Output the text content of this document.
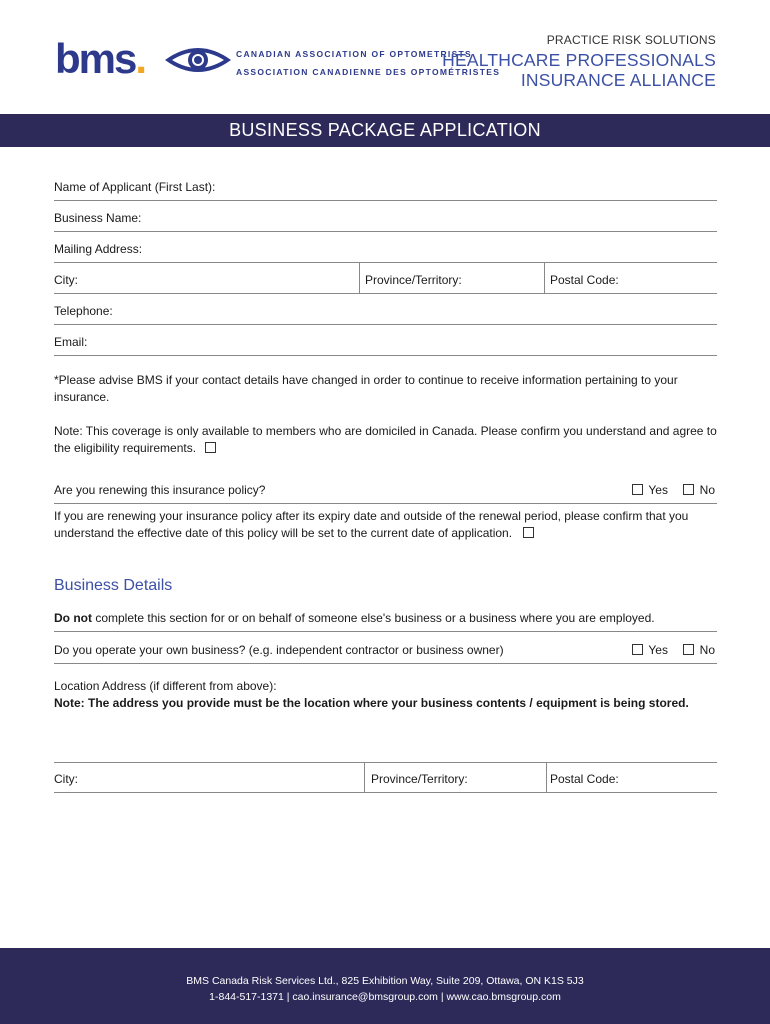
bms.	CANADIAN ASSOCIATION OF OPTOMETRISTS
ASSOCIATION CANADIENNE DES OPTOMÉTRISTES
PRACTICE RISK SOLUTIONS
HEALTHCARE PROFESSIONALS
INSURANCE ALLIANCE
BUSINESS PACKAGE APPLICATION
Name of Applicant (First Last):
Business Name:
Mailing Address:
City:	Province/Territory:	Postal Code:
Telephone:
Email:
*Please advise BMS if your contact details have changed in order to continue to receive information pertaining to your insurance.
Note: This coverage is only available to members who are domiciled in Canada. Please confirm you understand and agree to the eligibility requirements.
Are you renewing this insurance policy?	Yes	No
If you are renewing your insurance policy after its expiry date and outside of the renewal period, please confirm that you understand the effective date of this policy will be set to the current date of application.
Business Details
Do not complete this section for or on behalf of someone else's business or a business where you are employed.
Do you operate your own business? (e.g. independent contractor or business owner)	Yes	No
Location Address (if different from above):
Note: The address you provide must be the location where your business contents / equipment is being stored.
City:	Province/Territory:	Postal Code:
BMS Canada Risk Services Ltd., 825 Exhibition Way, Suite 209, Ottawa, ON K1S 5J3
1-844-517-1371 | cao.insurance@bmsgroup.com | www.cao.bmsgroup.com
